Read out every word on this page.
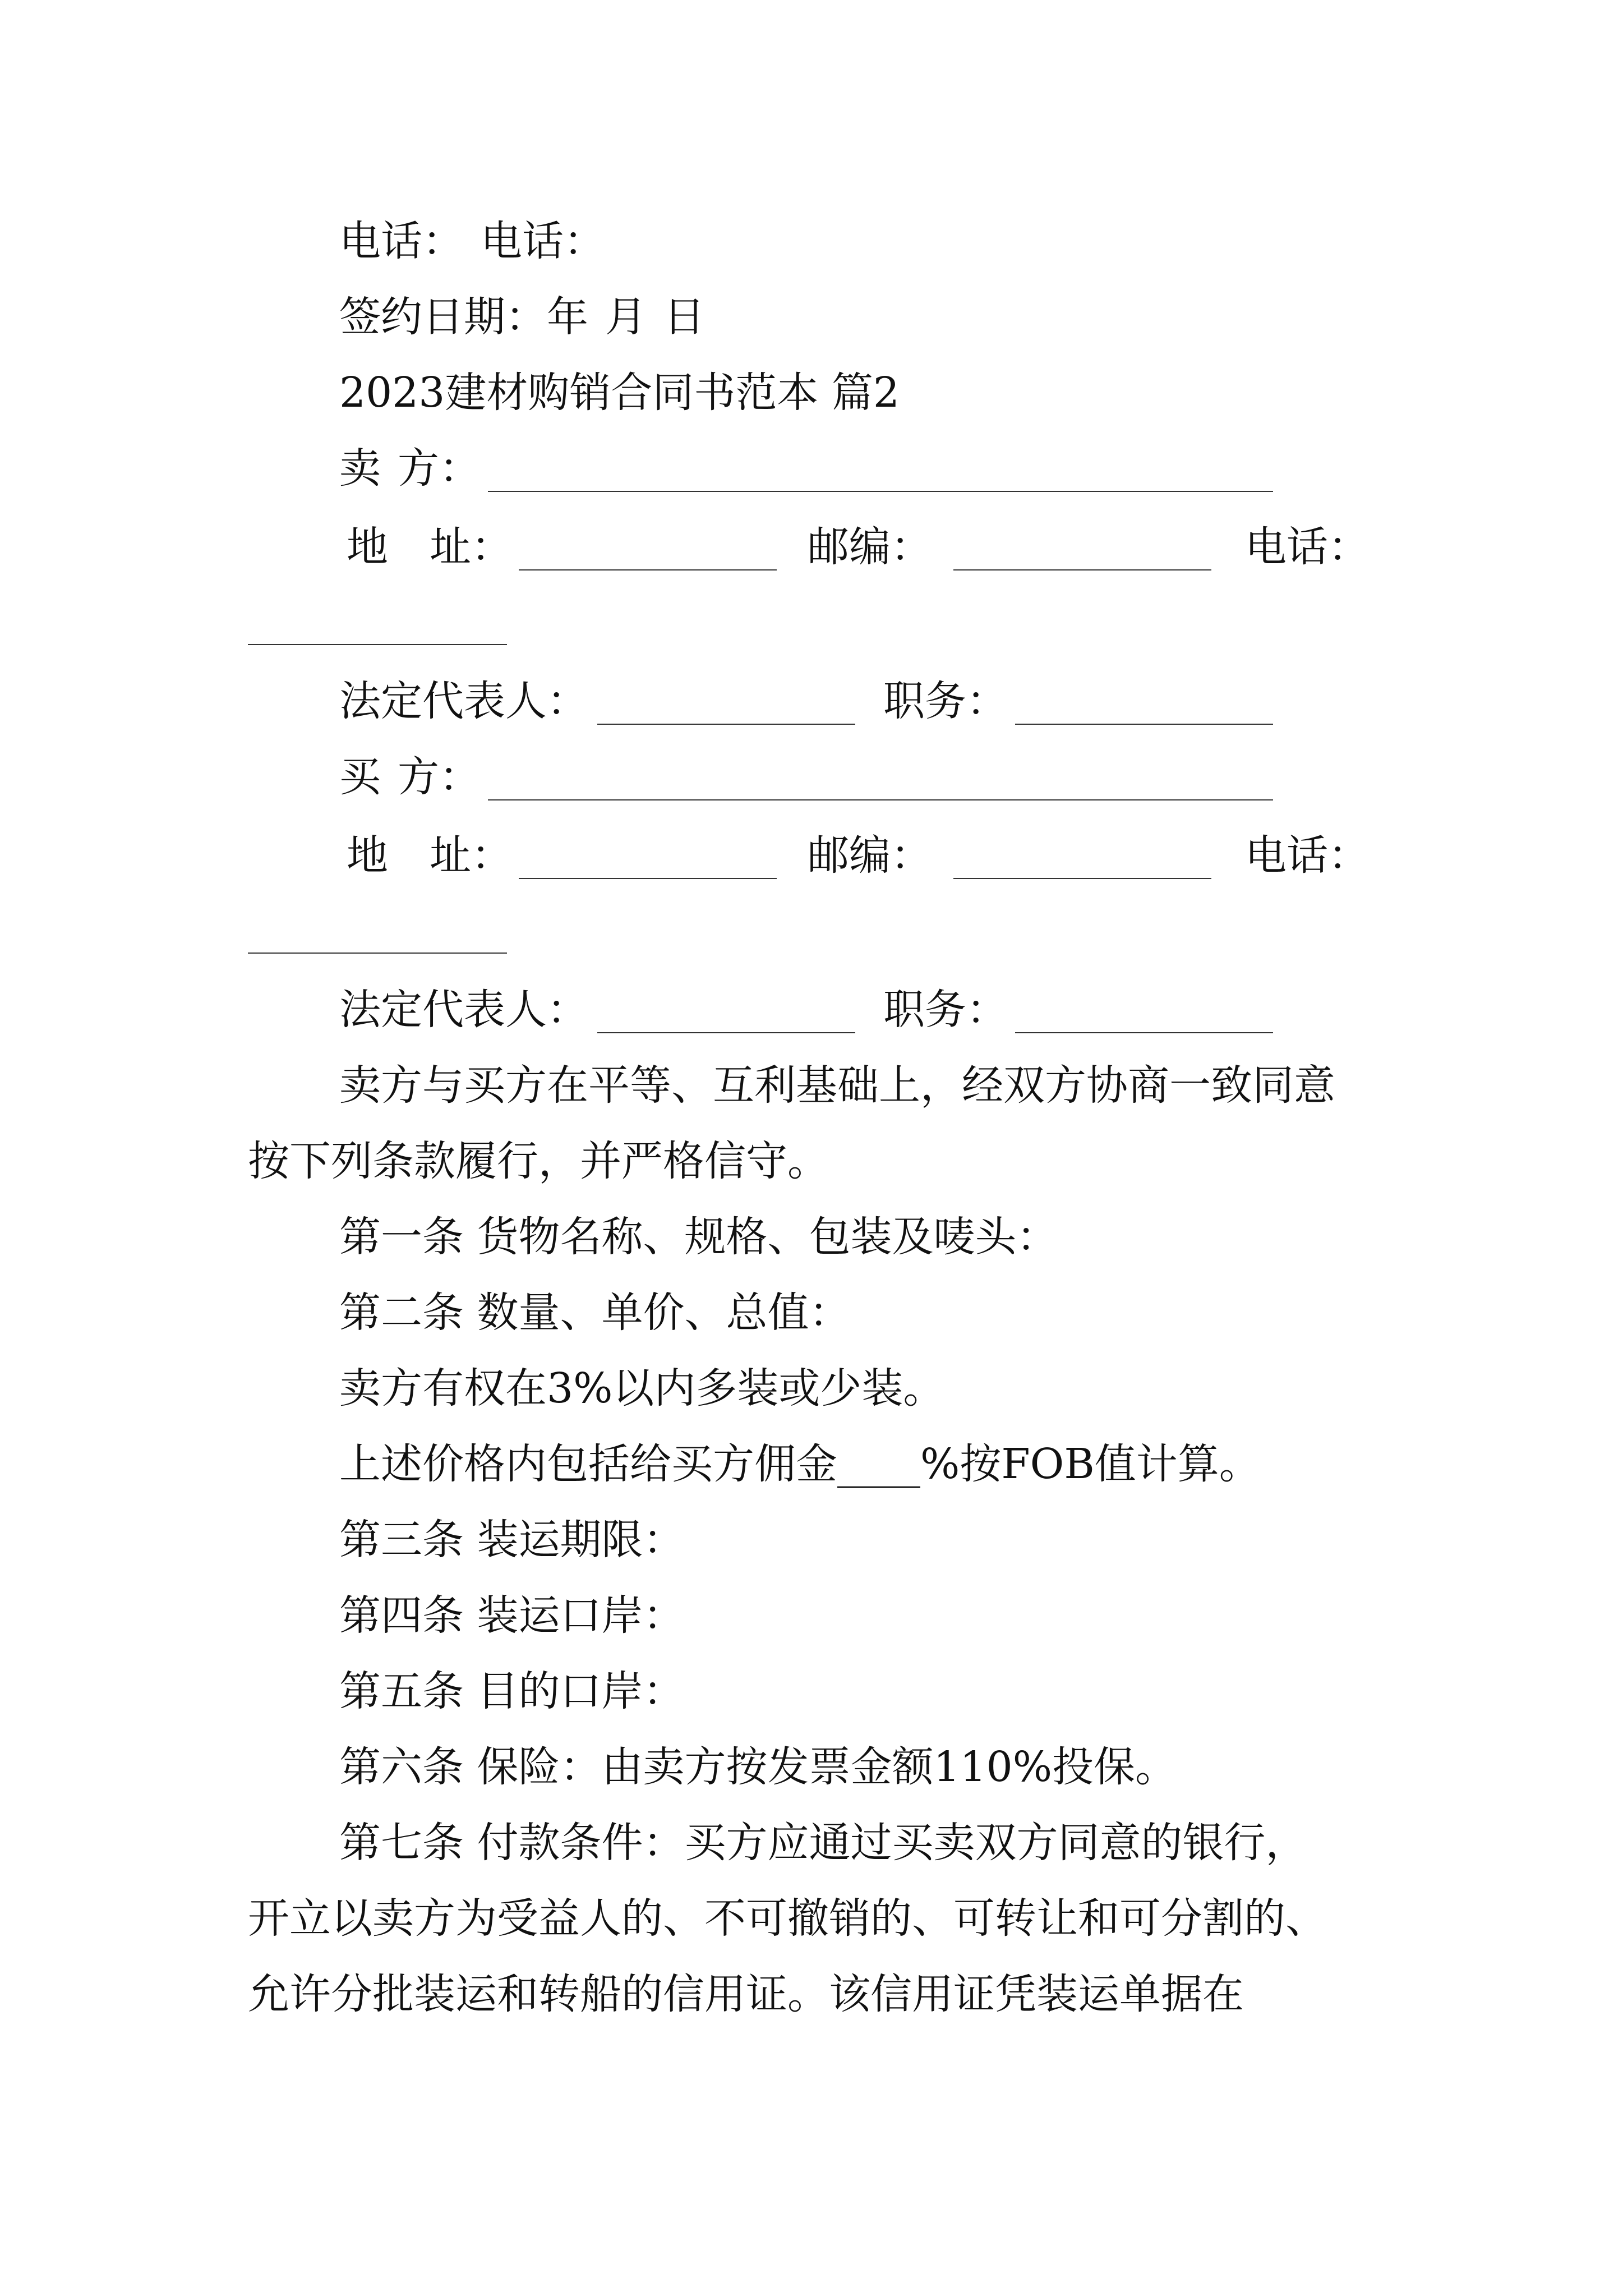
电话： 电话：
签约日期：年 月 日
2023建材购销合同书范本 篇2
卖 方：
地 址：	邮编：	电话：
法定代表人：	职务：
买 方：
地 址：	邮编：	电话：
法定代表人：	职务：
卖方与买方在平等、互利基础上，经双方协商一致同意
按下列条款履行，并严格信守。
第一条 货物名称、规格、包装及唛头：
第二条 数量、单价、总值：
卖方有权在3%以内多装或少装。
上述价格内包括给买方佣金____%按FOB值计算。
第三条 装运期限：
第四条 装运口岸：
第五条 目的口岸：
第六条 保险：由卖方按发票金额110%投保。
第七条 付款条件：买方应通过买卖双方同意的银行，
开立以卖方为受益人的、不可撤销的、可转让和可分割的、
允许分批装运和转船的信用证。该信用证凭装运单据在
